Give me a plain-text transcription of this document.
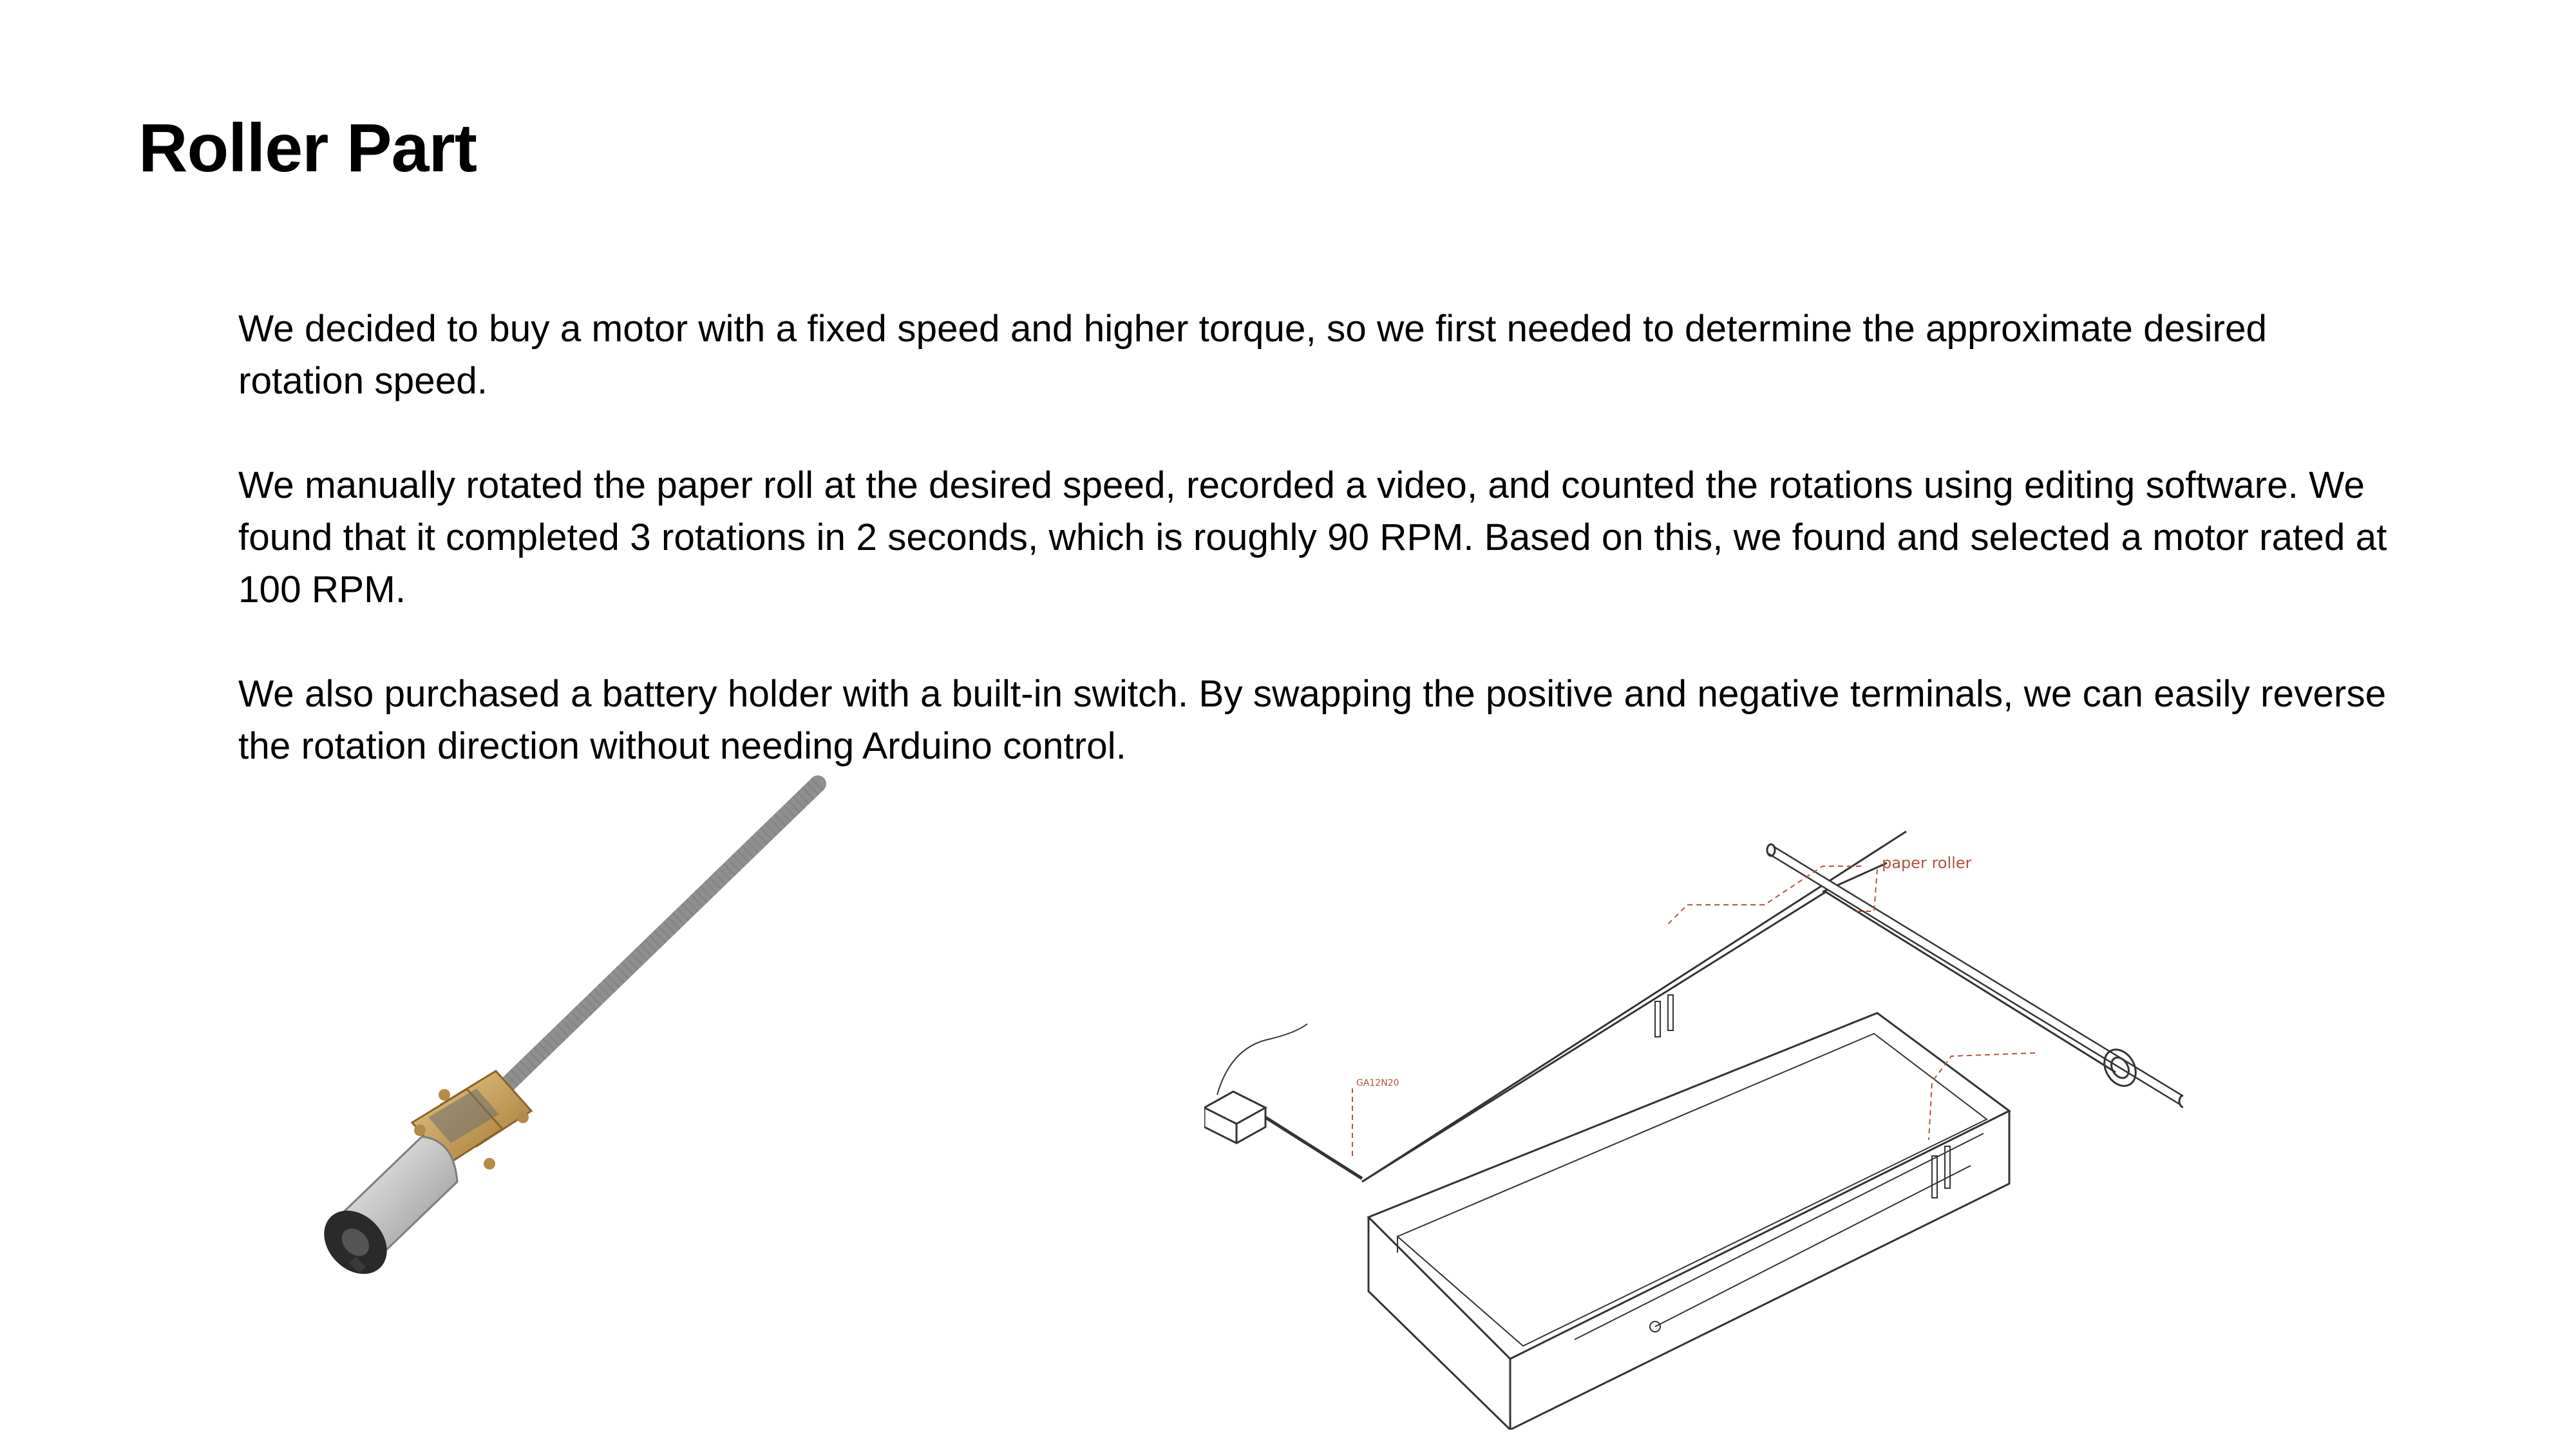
Roller Part

We decided to buy a motor with a fixed speed and higher torque, so we first needed to determine the approximate desired rotation speed.

We manually rotated the paper roll at the desired speed, recorded a video, and counted the rotations using editing software. We found that it completed 3 rotations in 2 seconds, which is roughly 90 RPM. Based on this, we found and selected a motor rated at 100 RPM.

We also purchased a battery holder with a built-in switch. By swapping the positive and negative terminals, we can easily reverse the rotation direction without needing Arduino control.

paper roller
GA12N20
